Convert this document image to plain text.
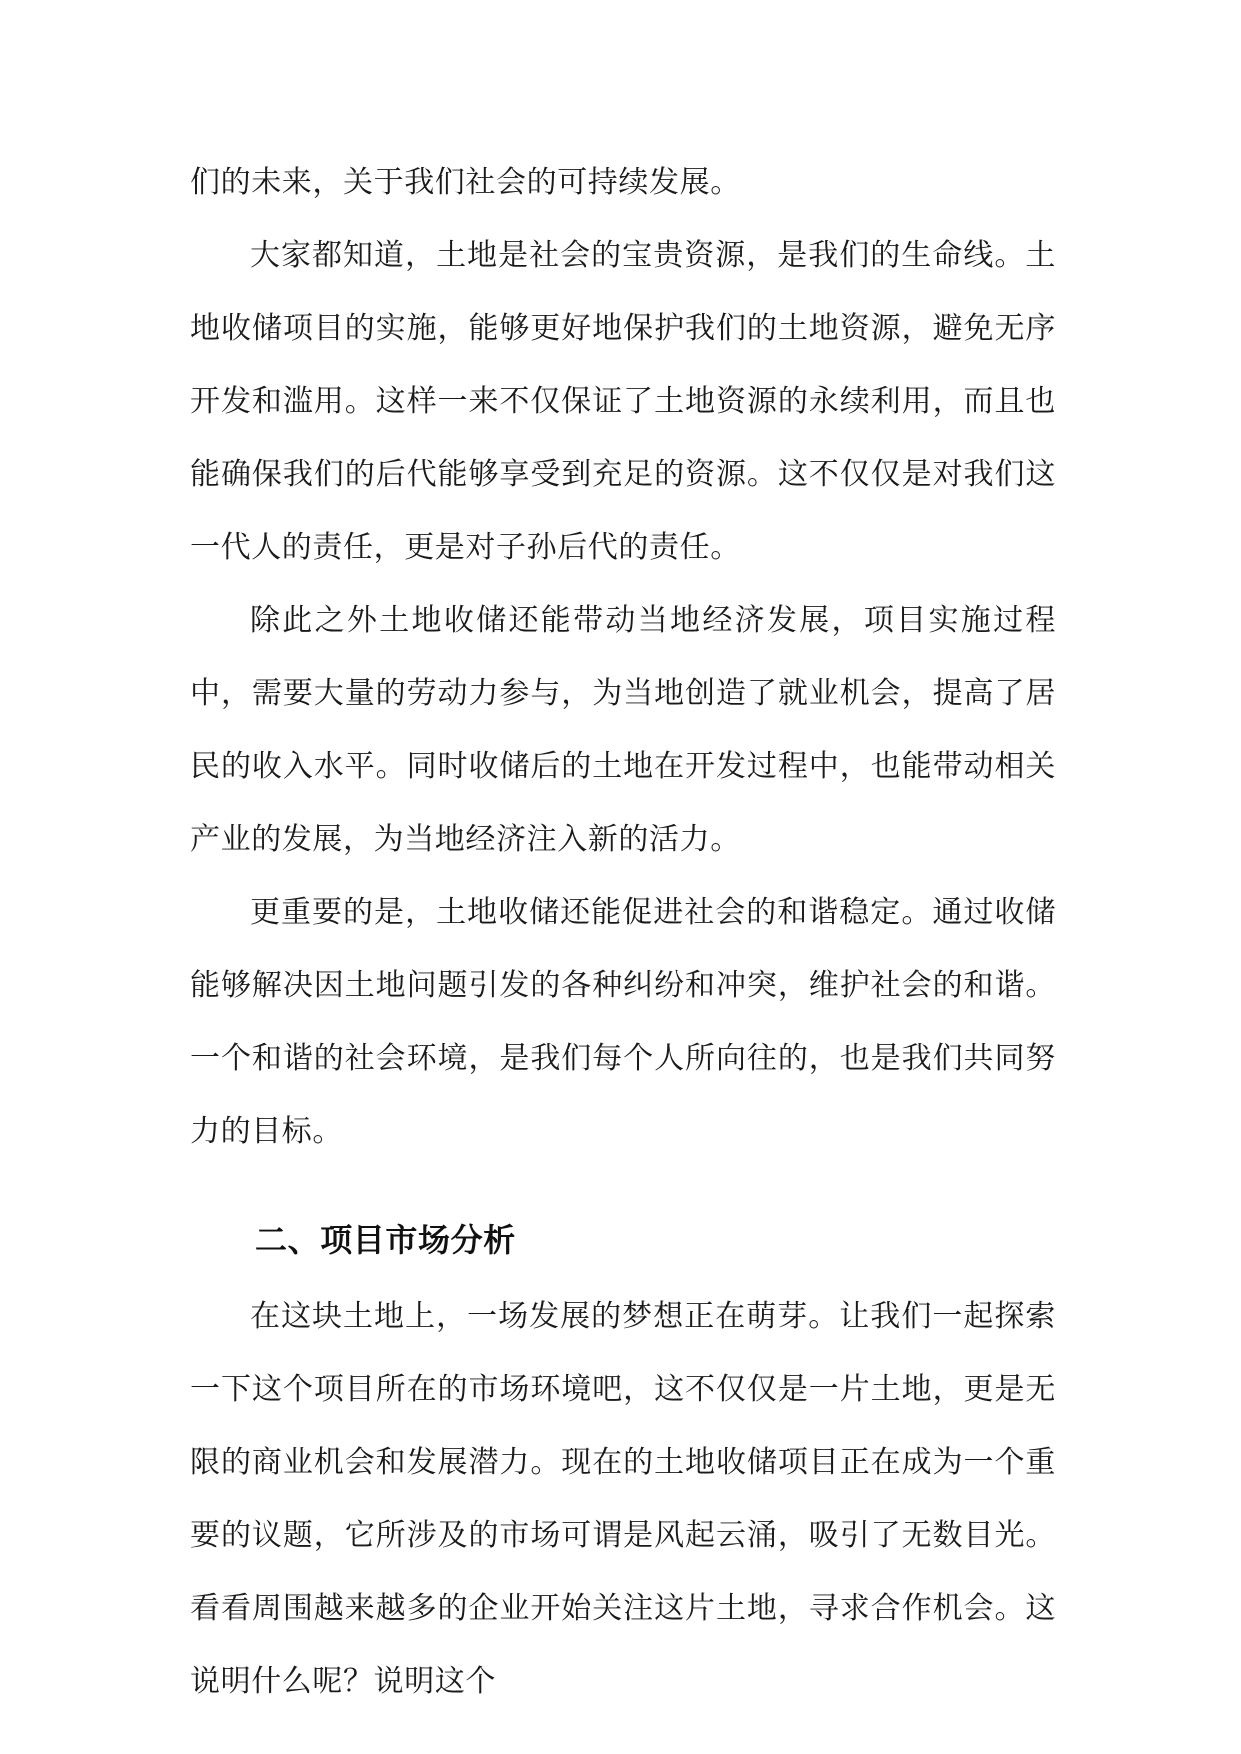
们的未来，关于我们社会的可持续发展。

大家都知道，土地是社会的宝贵资源，是我们的生命线。土地收储项目的实施，能够更好地保护我们的土地资源，避免无序开发和滥用。这样一来不仅保证了土地资源的永续利用，而且也能确保我们的后代能够享受到充足的资源。这不仅仅是对我们这一代人的责任，更是对子孙后代的责任。

除此之外土地收储还能带动当地经济发展，项目实施过程中，需要大量的劳动力参与，为当地创造了就业机会，提高了居民的收入水平。同时收储后的土地在开发过程中，也能带动相关产业的发展，为当地经济注入新的活力。

更重要的是，土地收储还能促进社会的和谐稳定。通过收储能够解决因土地问题引发的各种纠纷和冲突，维护社会的和谐。一个和谐的社会环境，是我们每个人所向往的，也是我们共同努力的目标。

二、项目市场分析

在这块土地上，一场发展的梦想正在萌芽。让我们一起探索一下这个项目所在的市场环境吧，这不仅仅是一片土地，更是无限的商业机会和发展潜力。现在的土地收储项目正在成为一个重要的议题，它所涉及的市场可谓是风起云涌，吸引了无数目光。看看周围越来越多的企业开始关注这片土地，寻求合作机会。这说明什么呢？说明这个
